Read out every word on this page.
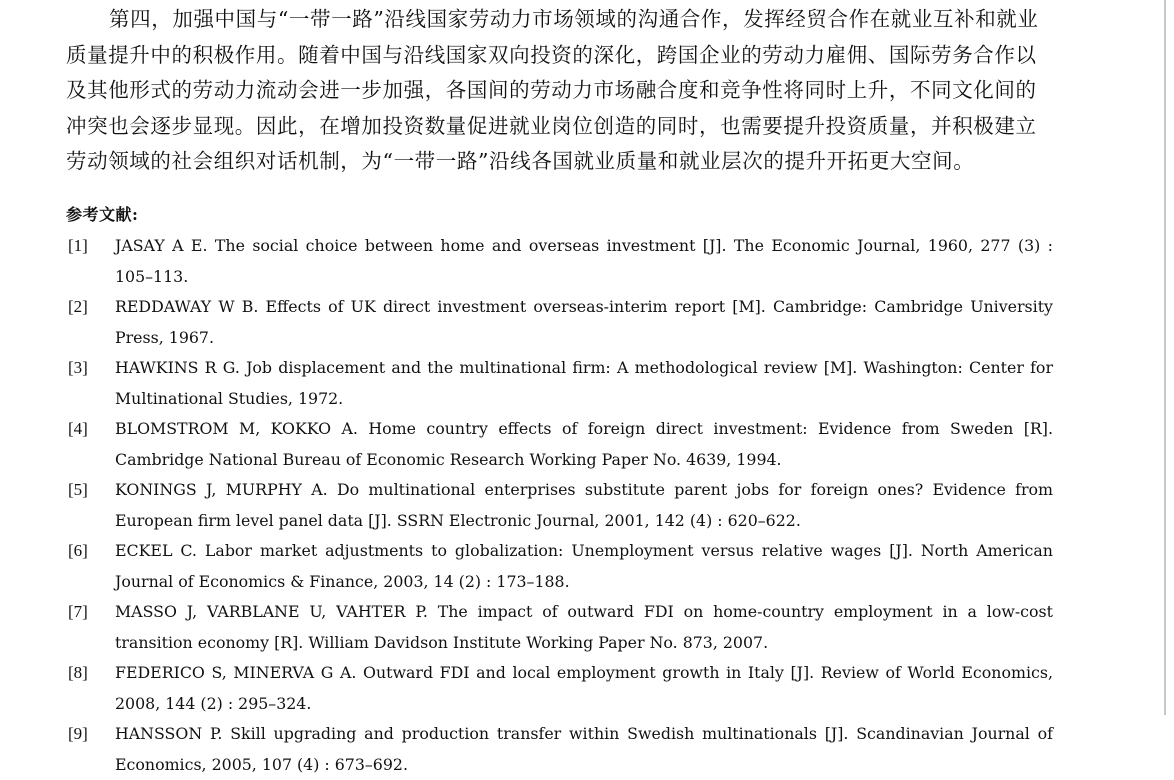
第四，加强中国与“一带一路”沿线国家劳动力市场领域的沟通合作，发挥经贸合作在就业互补和就业质量提升中的积极作用。随着中国与沿线国家双向投资的深化，跨国企业的劳动力雇佣、国际劳务合作以及其他形式的劳动力流动会进一步加强，各国间的劳动力市场融合度和竞争性将同时上升，不同文化间的冲突也会逐步显现。因此，在增加投资数量促进就业岗位创造的同时，也需要提升投资质量，并积极建立劳动领域的社会组织对话机制，为“一带一路”沿线各国就业质量和就业层次的提升开拓更大空间。

参考文献:
[1]	JASAY A E. The social choice between home and overseas investment [J]. The Economic Journal, 1960, 277 (3) : 105–113.
[2]	REDDAWAY W B. Effects of UK direct investment overseas-interim report [M]. Cambridge: Cambridge University Press, 1967.
[3]	HAWKINS R G. Job displacement and the multinational firm: A methodological review [M]. Washington: Center for Multinational Studies, 1972.
[4]	BLOMSTROM M, KOKKO A. Home country effects of foreign direct investment: Evidence from Sweden [R]. Cambridge National Bureau of Economic Research Working Paper No. 4639, 1994.
[5]	KONINGS J, MURPHY A. Do multinational enterprises substitute parent jobs for foreign ones? Evidence from European firm level panel data [J]. SSRN Electronic Journal, 2001, 142 (4) : 620–622.
[6]	ECKEL C. Labor market adjustments to globalization: Unemployment versus relative wages [J]. North American Journal of Economics & Finance, 2003, 14 (2) : 173–188.
[7]	MASSO J, VARBLANE U, VAHTER P. The impact of outward FDI on home-country employment in a low-cost transition economy [R]. William Davidson Institute Working Paper No. 873, 2007.
[8]	FEDERICO S, MINERVA G A. Outward FDI and local employment growth in Italy [J]. Review of World Economics, 2008, 144 (2) : 295–324.
[9]	HANSSON P. Skill upgrading and production transfer within Swedish multinationals [J]. Scandinavian Journal of Economics, 2005, 107 (4) : 673–692.
